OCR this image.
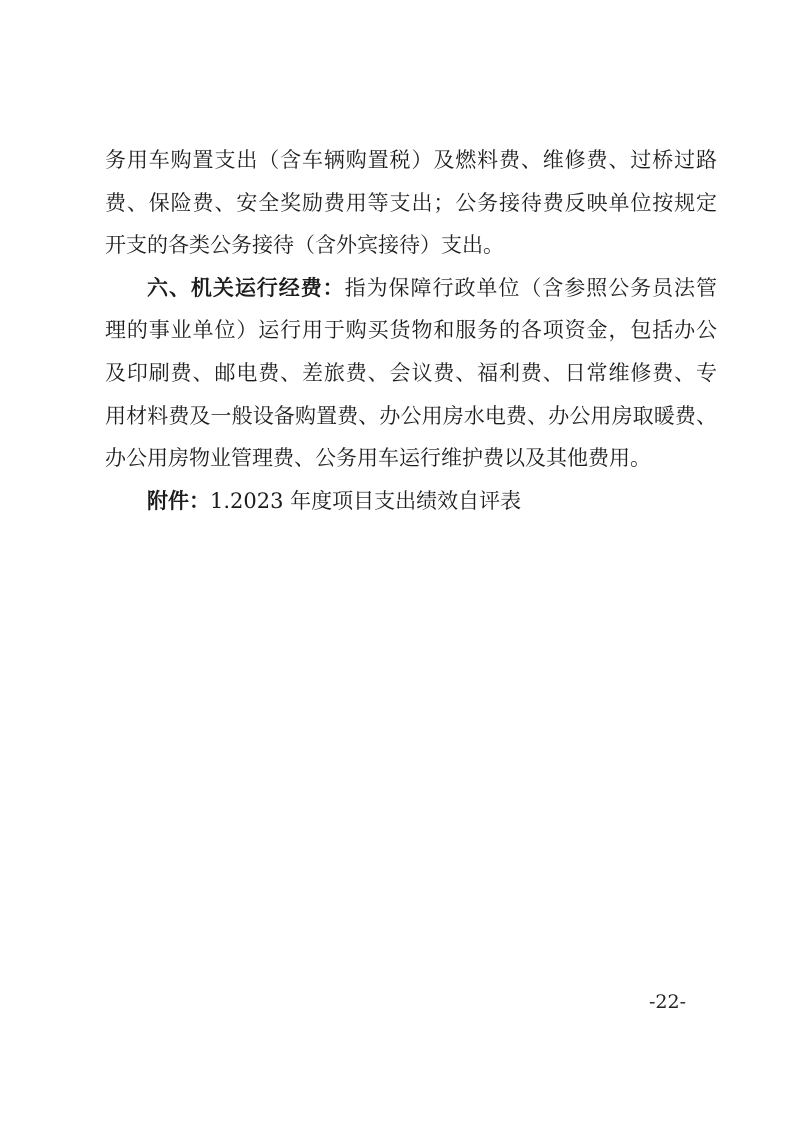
务用车购置支出（含车辆购置税）及燃料费、维修费、过桥过路
费、保险费、安全奖励费用等支出；公务接待费反映单位按规定
开支的各类公务接待（含外宾接待）支出。
六、机关运行经费：指为保障行政单位（含参照公务员法管
理的事业单位）运行用于购买货物和服务的各项资金，包括办公
及印刷费、邮电费、差旅费、会议费、福利费、日常维修费、专
用材料费及一般设备购置费、办公用房水电费、办公用房取暖费、
办公用房物业管理费、公务用车运行维护费以及其他费用。
附件：1.2023 年度项目支出绩效自评表
-22-
